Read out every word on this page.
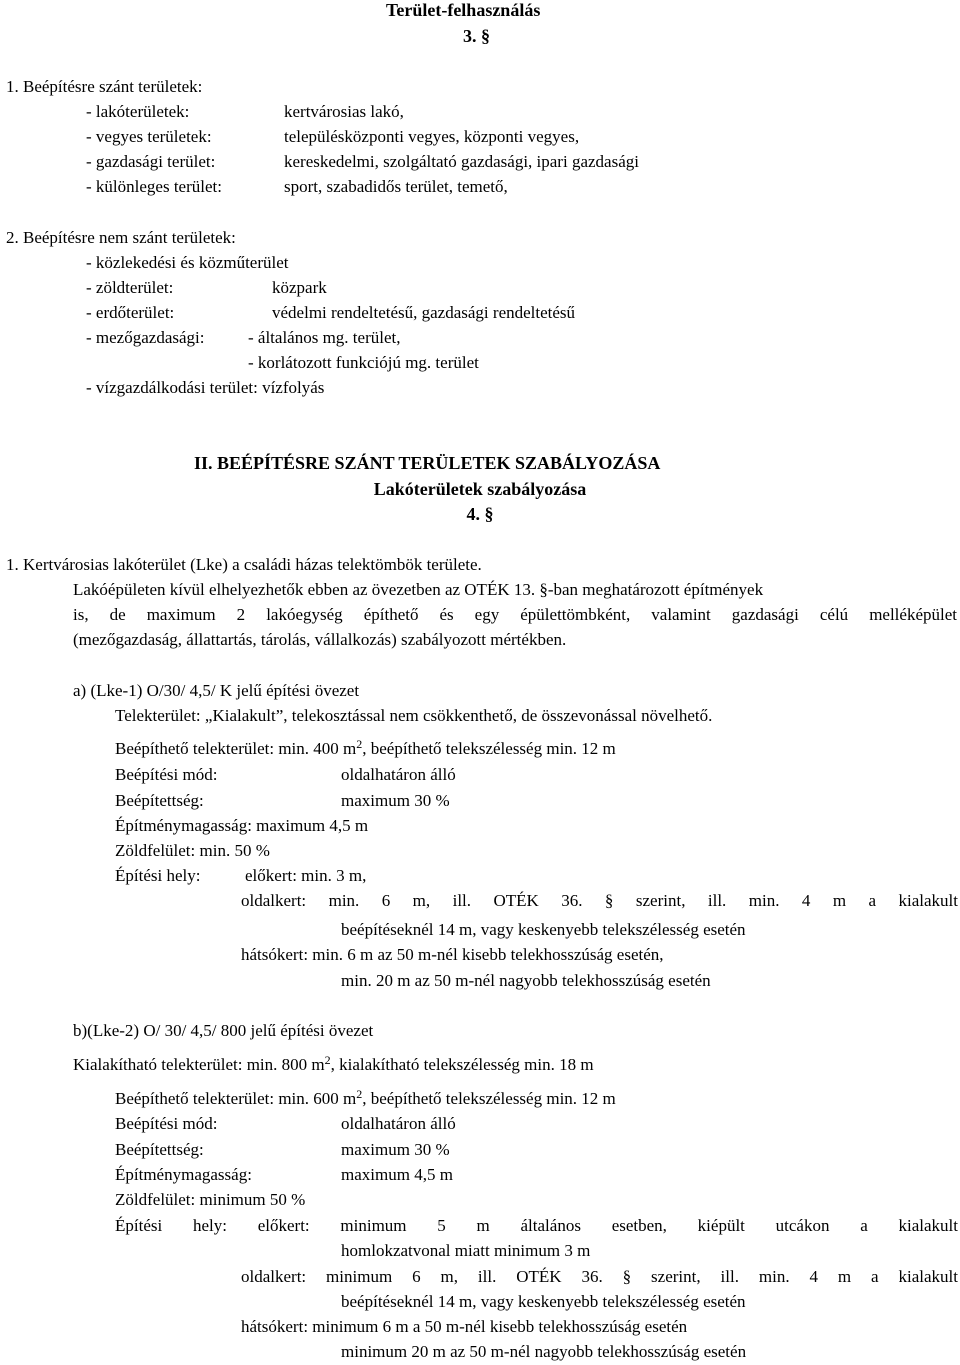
Terület-felhasználás
3. §
1. Beépítésre szánt területek:
- lakóterületek:	kertvárosias lakó,
- vegyes területek:	településközponti vegyes, központi vegyes,
- gazdasági terület:	kereskedelmi, szolgáltató gazdasági, ipari gazdasági
- különleges terület:	sport, szabadidős terület, temető,
2. Beépítésre nem szánt területek:
- közlekedési és közműterület
- zöldterület:	közpark
- erdőterület:	védelmi rendeltetésű, gazdasági rendeltetésű
- mezőgazdasági:	- általános mg. terület,
- korlátozott funkciójú mg. terület
- vízgazdálkodási terület: vízfolyás
II. BEÉPÍTÉSRE SZÁNT TERÜLETEK SZABÁLYOZÁSA
Lakóterületek szabályozása
4. §
1. Kertvárosias lakóterület (Lke) a családi házas telektömbök területe.
Lakóépületen kívül elhelyezhetők ebben az övezetben az OTÉK 13. §-ban meghatározott építmények
is, de maximum 2 lakóegység építhető és egy épülettömbként, valamint gazdasági célú melléképület
(mezőgazdaság, állattartás, tárolás, vállalkozás) szabályozott mértékben.
a) (Lke-1) O/30/ 4,5/ K jelű építési övezet
Telekterület: „Kialakult”, telekosztással nem csökkenthető, de összevonással növelhető.
Beépíthető telekterület: min. 400 $m^2$, beépíthető telekszélesség min. 12 m
Beépítési mód:	oldalhatáron álló
Beépítettség:	maximum 30 %
Építménymagasság: maximum 4,5 m
Zöldfelület: min. 50 %
Építési hely:	előkert: min. 3 m,
oldalkert: min. 6 m, ill. OTÉK 36. § szerint, ill. min. 4 m a kialakult
beépítéseknél 14 m, vagy keskenyebb telekszélesség esetén
hátsókert: min. 6 m az 50 m-nél kisebb telekhosszúság esetén,
min. 20 m az 50 m-nél nagyobb telekhosszúság esetén
b)(Lke-2) O/ 30/ 4,5/ 800 jelű építési övezet
Kialakítható telekterület: min. 800 $m^2$, kialakítható telekszélesség min. 18 m
Beépíthető telekterület: min. 600 $m^2$, beépíthető telekszélesség min. 12 m
Beépítési mód:	oldalhatáron álló
Beépítettség:	maximum 30 %
Építménymagasság:	maximum 4,5 m
Zöldfelület: minimum 50 %
Építési hely: előkert: minimum 5 m általános esetben, kiépült utcákon a kialakult
homlokzatvonal miatt minimum 3 m
oldalkert: minimum 6 m, ill. OTÉK 36. § szerint, ill. min. 4 m a kialakult
beépítéseknél 14 m, vagy keskenyebb telekszélesség esetén
hátsókert: minimum 6 m a 50 m-nél kisebb telekhosszúság esetén
minimum 20 m az 50 m-nél nagyobb telekhosszúság esetén
